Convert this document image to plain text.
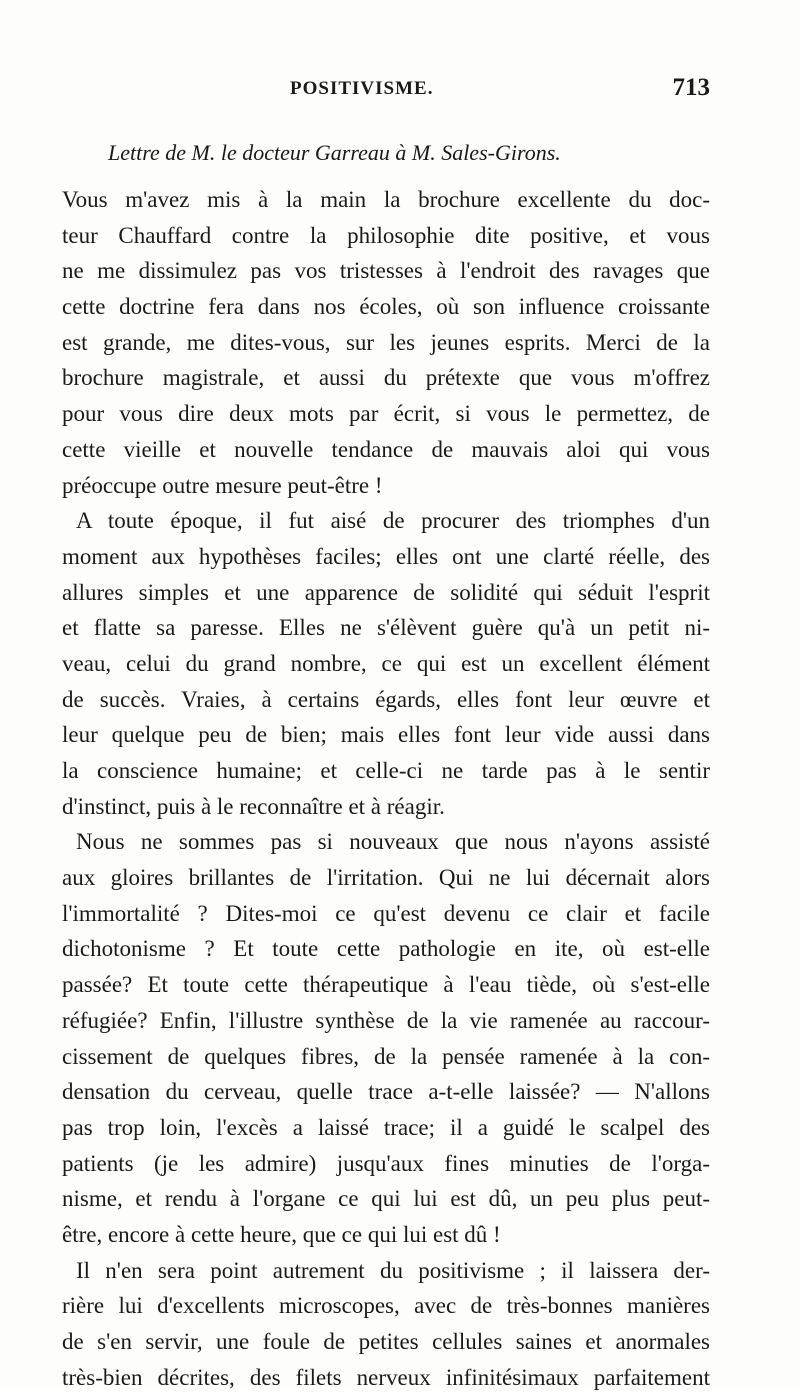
POSITIVISME.	713
Lettre de M. le docteur Garreau à M. Sales-Girons.
Vous m'avez mis à la main la brochure excellente du doc-
teur Chauffard contre la philosophie dite positive, et vous
ne me dissimulez pas vos tristesses à l'endroit des ravages que
cette doctrine fera dans nos écoles, où son influence croissante
est grande, me dites-vous, sur les jeunes esprits. Merci de la
brochure magistrale, et aussi du prétexte que vous m'offrez
pour vous dire deux mots par écrit, si vous le permettez, de
cette vieille et nouvelle tendance de mauvais aloi qui vous
préoccupe outre mesure peut-être !
A toute époque, il fut aisé de procurer des triomphes d'un
moment aux hypothèses faciles; elles ont une clarté réelle, des
allures simples et une apparence de solidité qui séduit l'esprit
et flatte sa paresse. Elles ne s'élèvent guère qu'à un petit ni-
veau, celui du grand nombre, ce qui est un excellent élément
de succès. Vraies, à certains égards, elles font leur œuvre et
leur quelque peu de bien; mais elles font leur vide aussi dans
la conscience humaine; et celle-ci ne tarde pas à le sentir
d'instinct, puis à le reconnaître et à réagir.
Nous ne sommes pas si nouveaux que nous n'ayons assisté
aux gloires brillantes de l'irritation. Qui ne lui décernait alors
l'immortalité ? Dites-moi ce qu'est devenu ce clair et facile
dichotonisme ? Et toute cette pathologie en ite, où est-elle
passée? Et toute cette thérapeutique à l'eau tiède, où s'est-elle
réfugiée? Enfin, l'illustre synthèse de la vie ramenée au raccour-
cissement de quelques fibres, de la pensée ramenée à la con-
densation du cerveau, quelle trace a-t-elle laissée? — N'allons
pas trop loin, l'excès a laissé trace; il a guidé le scalpel des
patients (je les admire) jusqu'aux fines minuties de l'orga-
nisme, et rendu à l'organe ce qui lui est dû, un peu plus peut-
être, encore à cette heure, que ce qui lui est dû !
Il n'en sera point autrement du positivisme ; il laissera der-
rière lui d'excellents microscopes, avec de très-bonnes manières
de s'en servir, une foule de petites cellules saines et anormales
très-bien décrites, des filets nerveux infinitésimaux parfaitement
